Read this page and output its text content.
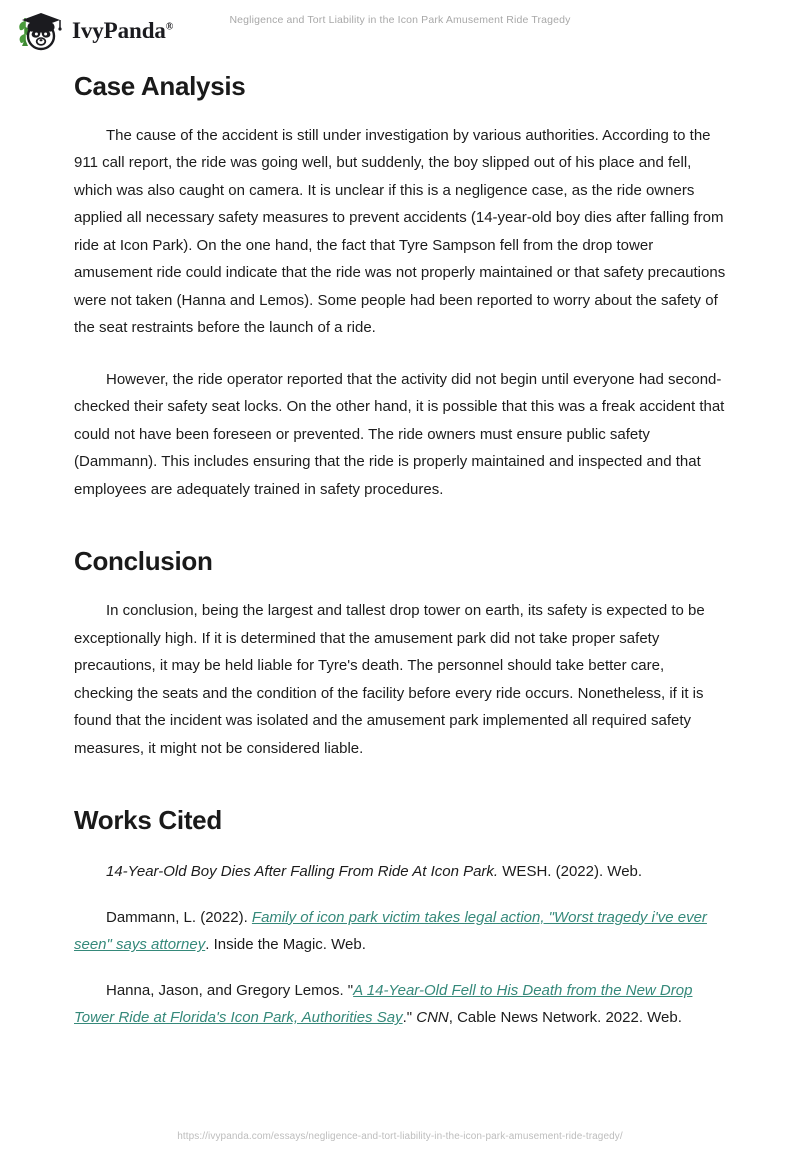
IvyPanda®
Negligence and Tort Liability in the Icon Park Amusement Ride Tragedy
Case Analysis

The cause of the accident is still under investigation by various authorities. According to the 911 call report, the ride was going well, but suddenly, the boy slipped out of his place and fell, which was also caught on camera. It is unclear if this is a negligence case, as the ride owners applied all necessary safety measures to prevent accidents (14-year-old boy dies after falling from ride at Icon Park). On the one hand, the fact that Tyre Sampson fell from the drop tower amusement ride could indicate that the ride was not properly maintained or that safety precautions were not taken (Hanna and Lemos). Some people had been reported to worry about the safety of the seat restraints before the launch of a ride.

However, the ride operator reported that the activity did not begin until everyone had second-checked their safety seat locks. On the other hand, it is possible that this was a freak accident that could not have been foreseen or prevented. The ride owners must ensure public safety (Dammann). This includes ensuring that the ride is properly maintained and inspected and that employees are adequately trained in safety procedures.

Conclusion

In conclusion, being the largest and tallest drop tower on earth, its safety is expected to be exceptionally high. If it is determined that the amusement park did not take proper safety precautions, it may be held liable for Tyre's death. The personnel should take better care, checking the seats and the condition of the facility before every ride occurs. Nonetheless, if it is found that the incident was isolated and the amusement park implemented all required safety measures, it might not be considered liable.

Works Cited

14-Year-Old Boy Dies After Falling From Ride At Icon Park. WESH. (2022). Web.

Dammann, L. (2022). Family of icon park victim takes legal action, "Worst tragedy i've ever seen" says attorney. Inside the Magic. Web.

Hanna, Jason, and Gregory Lemos. "A 14-Year-Old Fell to His Death from the New Drop Tower Ride at Florida's Icon Park, Authorities Say." CNN, Cable News Network. 2022. Web.

https://ivypanda.com/essays/negligence-and-tort-liability-in-the-icon-park-amusement-ride-tragedy/
